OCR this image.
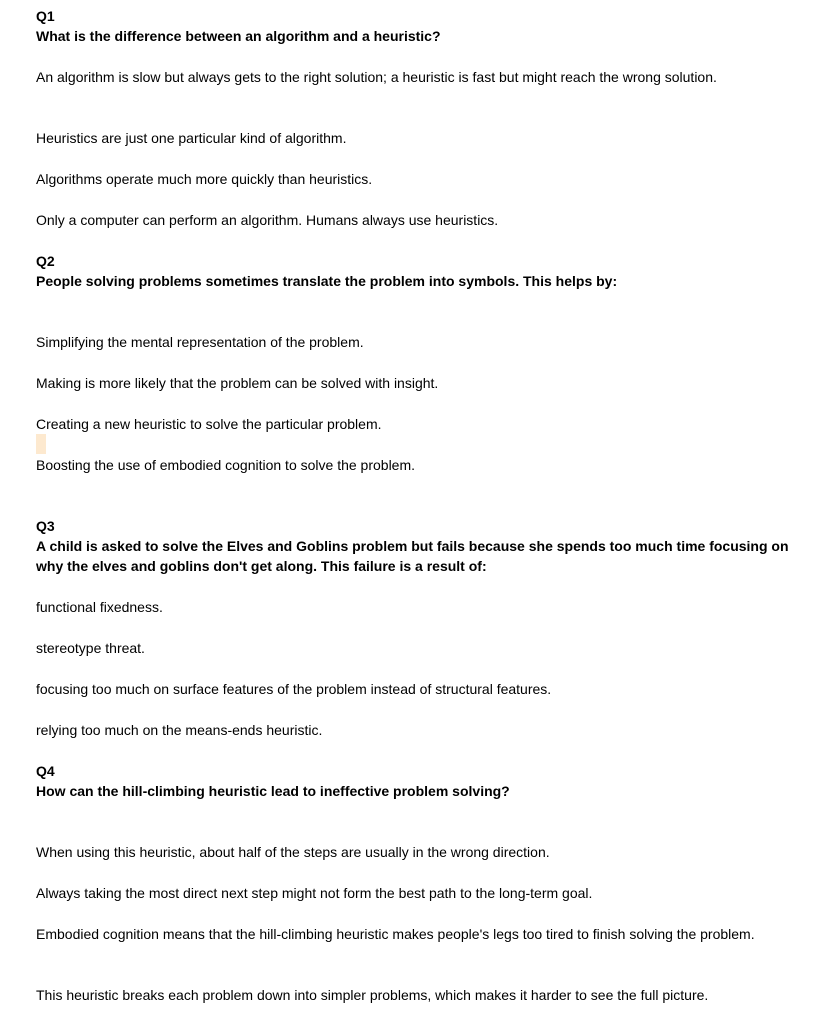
Q1
What is the difference between an algorithm and a heuristic?
An algorithm is slow but always gets to the right solution; a heuristic is fast but might reach the wrong solution.
Heuristics are just one particular kind of algorithm.
Algorithms operate much more quickly than heuristics.
Only a computer can perform an algorithm. Humans always use heuristics.
Q2
People solving problems sometimes translate the problem into symbols. This helps by:
Simplifying the mental representation of the problem.
Making is more likely that the problem can be solved with insight.
Creating a new heuristic to solve the particular problem.
Boosting the use of embodied cognition to solve the problem.
Q3
A child is asked to solve the Elves and Goblins problem but fails because she spends too much time focusing on why the elves and goblins don't get along. This failure is a result of:
functional fixedness.
stereotype threat.
focusing too much on surface features of the problem instead of structural features.
relying too much on the means-ends heuristic.
Q4
How can the hill-climbing heuristic lead to ineffective problem solving?
When using this heuristic, about half of the steps are usually in the wrong direction.
Always taking the most direct next step might not form the best path to the long-term goal.
Embodied cognition means that the hill-climbing heuristic makes people's legs too tired to finish solving the problem.
This heuristic breaks each problem down into simpler problems, which makes it harder to see the full picture.
